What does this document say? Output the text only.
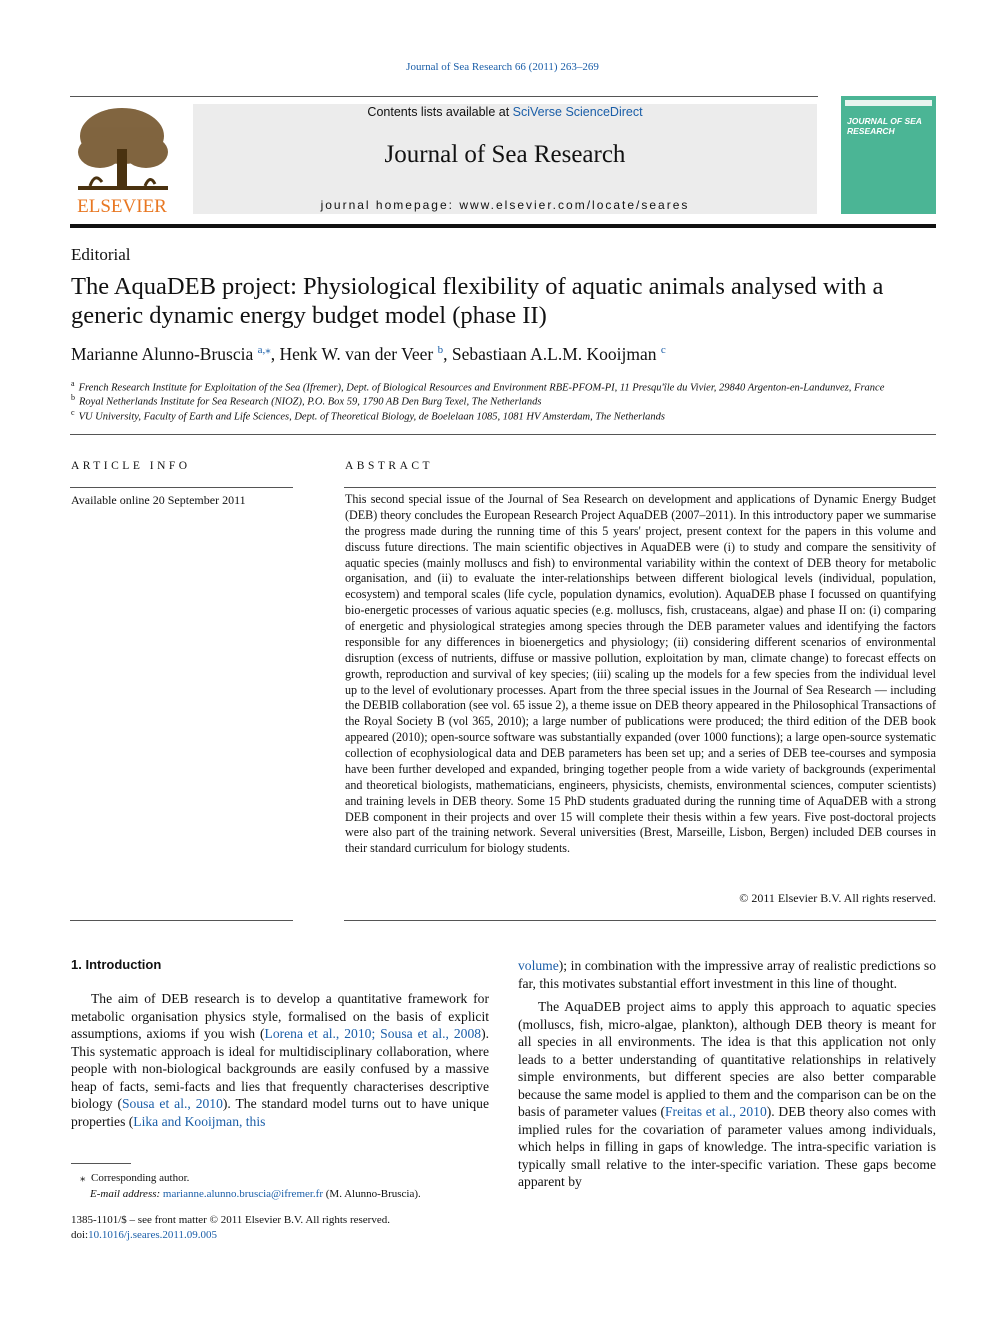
Journal of Sea Research 66 (2011) 263–269
ELSEVIER
Contents lists available at SciVerse ScienceDirect
Journal of Sea Research
journal homepage: www.elsevier.com/locate/seares
JOURNAL OF SEA RESEARCH
Editorial
The AquaDEB project: Physiological flexibility of aquatic animals analysed with a generic dynamic energy budget model (phase II)
Marianne Alunno-Bruscia $^{a,⁎}$, Henk W. van der Veer $^b$, Sebastiaan A.L.M. Kooijman $^c$
$^a$ French Research Institute for Exploitation of the Sea (Ifremer), Dept. of Biological Resources and Environment RBE-PFOM-PI, 11 Presqu'île du Vivier, 29840 Argenton-en-Landunvez, France
$^b$ Royal Netherlands Institute for Sea Research (NIOZ), P.O. Box 59, 1790 AB Den Burg Texel, The Netherlands
$^c$ VU University, Faculty of Earth and Life Sciences, Dept. of Theoretical Biology, de Boelelaan 1085, 1081 HV Amsterdam, The Netherlands
ARTICLE INFO	ABSTRACT
Available online 20 September 2011	This second special issue of the Journal of Sea Research on development and applications of Dynamic Energy Budget (DEB) theory concludes the European Research Project AquaDEB (2007–2011). In this introductory paper we summarise the progress made during the running time of this 5 years' project, present context for the papers in this volume and discuss future directions. The main scientific objectives in AquaDEB were (i) to study and compare the sensitivity of aquatic species (mainly molluscs and fish) to environmental variability within the context of DEB theory for metabolic organisation, and (ii) to evaluate the inter-relationships between different biological levels (individual, population, ecosystem) and temporal scales (life cycle, population dynamics, evolution). AquaDEB phase I focussed on quantifying bio-energetic processes of various aquatic species (e.g. molluscs, fish, crustaceans, algae) and phase II on: (i) comparing of energetic and physiological strategies among species through the DEB parameter values and identifying the factors responsible for any differences in bioenergetics and physiology; (ii) considering different scenarios of environmental disruption (excess of nutrients, diffuse or massive pollution, exploitation by man, climate change) to forecast effects on growth, reproduction and survival of key species; (iii) scaling up the models for a few species from the individual level up to the level of evolutionary processes. Apart from the three special issues in the Journal of Sea Research — including the DEBIB collaboration (see vol. 65 issue 2), a theme issue on DEB theory appeared in the Philosophical Transactions of the Royal Society B (vol 365, 2010); a large number of publications were produced; the third edition of the DEB book appeared (2010); open-source software was substantially expanded (over 1000 functions); a large open-source systematic collection of ecophysiological data and DEB parameters has been set up; and a series of DEB tee-courses and symposia have been further developed and expanded, bringing together people from a wide variety of backgrounds (experimental and theoretical biologists, mathematicians, engineers, physicists, chemists, environmental sciences, computer scientists) and training levels in DEB theory. Some 15 PhD students graduated during the running time of AquaDEB with a strong DEB component in their projects and over 15 will complete their thesis within a few years. Five post-doctoral projects were also part of the training network. Several universities (Brest, Marseille, Lisbon, Bergen) included DEB courses in their standard curriculum for biology students.
© 2011 Elsevier B.V. All rights reserved.
1. Introduction
The aim of DEB research is to develop a quantitative framework for metabolic organisation physics style, formalised on the basis of explicit assumptions, axioms if you wish (Lorena et al., 2010; Sousa et al., 2008). This systematic approach is ideal for multidisciplinary collaboration, where people with non-biological backgrounds are easily confused by a massive heap of facts, semi-facts and lies that frequently characterises descriptive biology (Sousa et al., 2010). The standard model turns out to have unique properties (Lika and Kooijman, this

volume); in combination with the impressive array of realistic predictions so far, this motivates substantial effort investment in this line of thought.

The AquaDEB project aims to apply this approach to aquatic species (molluscs, fish, micro-algae, plankton), although DEB theory is meant for all species in all environments. The idea is that this application not only leads to a better understanding of quantitative relationships in relatively simple environments, but different species are also better comparable because the same model is applied to them and the comparison can be on the basis of parameter values (Freitas et al., 2010). DEB theory also comes with implied rules for the covariation of parameter values among individuals, which helps in filling in gaps of knowledge. The intra-specific variation is typically small relative to the inter-specific variation. These gaps become apparent by

⁎ Corresponding author.
E-mail address: marianne.alunno.bruscia@ifremer.fr (M. Alunno-Bruscia).
1385-1101/$ – see front matter © 2011 Elsevier B.V. All rights reserved.
doi:10.1016/j.seares.2011.09.005
